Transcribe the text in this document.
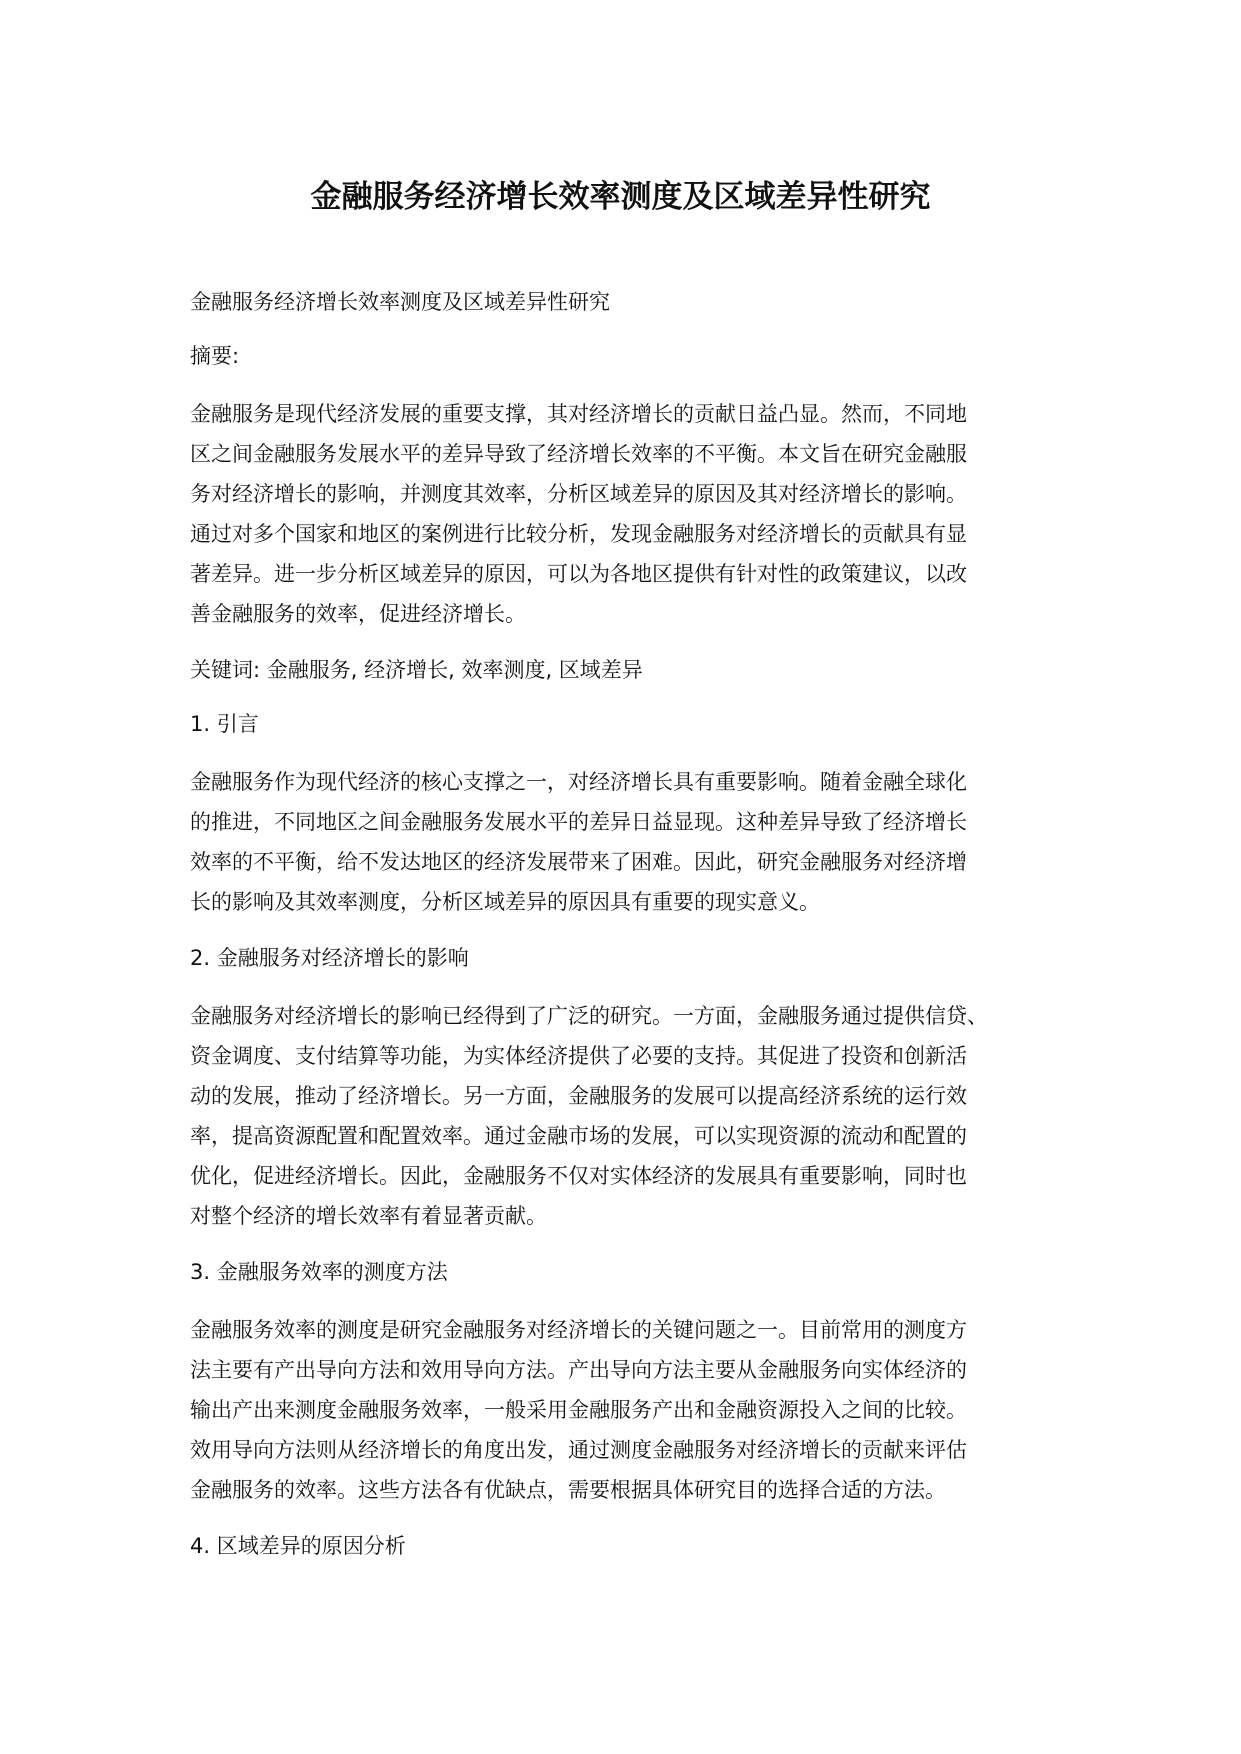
金融服务经济增长效率测度及区域差异性研究
金融服务经济增长效率测度及区域差异性研究
摘要:
金融服务是现代经济发展的重要支撑，其对经济增长的贡献日益凸显。然而，不同地
区之间金融服务发展水平的差异导致了经济增长效率的不平衡。本文旨在研究金融服
务对经济增长的影响，并测度其效率，分析区域差异的原因及其对经济增长的影响。
通过对多个国家和地区的案例进行比较分析，发现金融服务对经济增长的贡献具有显
著差异。进一步分析区域差异的原因，可以为各地区提供有针对性的政策建议，以改
善金融服务的效率，促进经济增长。
关键词: 金融服务, 经济增长, 效率测度, 区域差异
1. 引言
金融服务作为现代经济的核心支撑之一，对经济增长具有重要影响。随着金融全球化
的推进，不同地区之间金融服务发展水平的差异日益显现。这种差异导致了经济增长
效率的不平衡，给不发达地区的经济发展带来了困难。因此，研究金融服务对经济增
长的影响及其效率测度，分析区域差异的原因具有重要的现实意义。
2. 金融服务对经济增长的影响
金融服务对经济增长的影响已经得到了广泛的研究。一方面，金融服务通过提供信贷、
资金调度、支付结算等功能，为实体经济提供了必要的支持。其促进了投资和创新活
动的发展，推动了经济增长。另一方面，金融服务的发展可以提高经济系统的运行效
率，提高资源配置和配置效率。通过金融市场的发展，可以实现资源的流动和配置的
优化，促进经济增长。因此，金融服务不仅对实体经济的发展具有重要影响，同时也
对整个经济的增长效率有着显著贡献。
3. 金融服务效率的测度方法
金融服务效率的测度是研究金融服务对经济增长的关键问题之一。目前常用的测度方
法主要有产出导向方法和效用导向方法。产出导向方法主要从金融服务向实体经济的
输出产出来测度金融服务效率，一般采用金融服务产出和金融资源投入之间的比较。
效用导向方法则从经济增长的角度出发，通过测度金融服务对经济增长的贡献来评估
金融服务的效率。这些方法各有优缺点，需要根据具体研究目的选择合适的方法。
4. 区域差异的原因分析
